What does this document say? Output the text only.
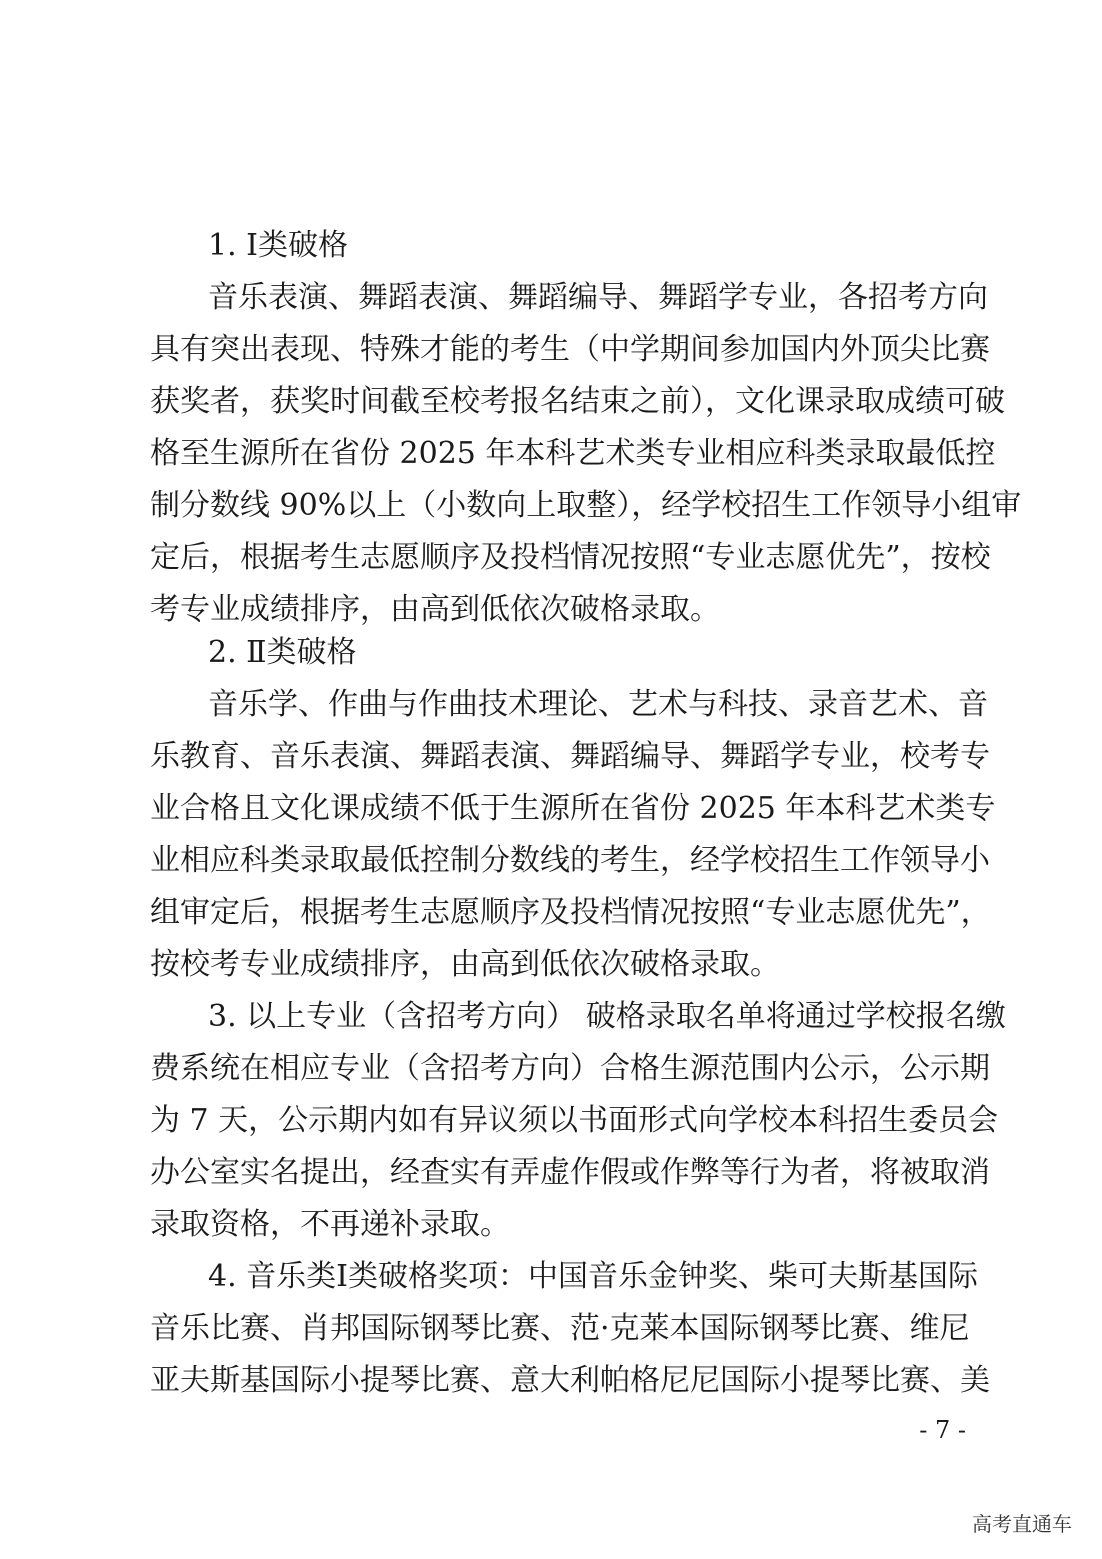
1. Ⅰ类破格
音乐表演、舞蹈表演、舞蹈编导、舞蹈学专业，各招考方向
具有突出表现、特殊才能的考生（中学期间参加国内外顶尖比赛
获奖者，获奖时间截至校考报名结束之前），文化课录取成绩可破
格至生源所在省份 2025 年本科艺术类专业相应科类录取最低控
制分数线 90%以上（小数向上取整），经学校招生工作领导小组审
定后，根据考生志愿顺序及投档情况按照“专业志愿优先”，按校
考专业成绩排序，由高到低依次破格录取。
2. Ⅱ类破格
音乐学、作曲与作曲技术理论、艺术与科技、录音艺术、音
乐教育、音乐表演、舞蹈表演、舞蹈编导、舞蹈学专业，校考专
业合格且文化课成绩不低于生源所在省份 2025 年本科艺术类专
业相应科类录取最低控制分数线的考生，经学校招生工作领导小
组审定后，根据考生志愿顺序及投档情况按照“专业志愿优先”，
按校考专业成绩排序，由高到低依次破格录取。
3. 以上专业（含招考方向） 破格录取名单将通过学校报名缴
费系统在相应专业（含招考方向）合格生源范围内公示，公示期
为 7 天，公示期内如有异议须以书面形式向学校本科招生委员会
办公室实名提出，经查实有弄虚作假或作弊等行为者，将被取消
录取资格，不再递补录取。
4. 音乐类Ⅰ类破格奖项：中国音乐金钟奖、柴可夫斯基国际
音乐比赛、肖邦国际钢琴比赛、范·克莱本国际钢琴比赛、维尼
亚夫斯基国际小提琴比赛、意大利帕格尼尼国际小提琴比赛、美
- 7 -
高考直通车
